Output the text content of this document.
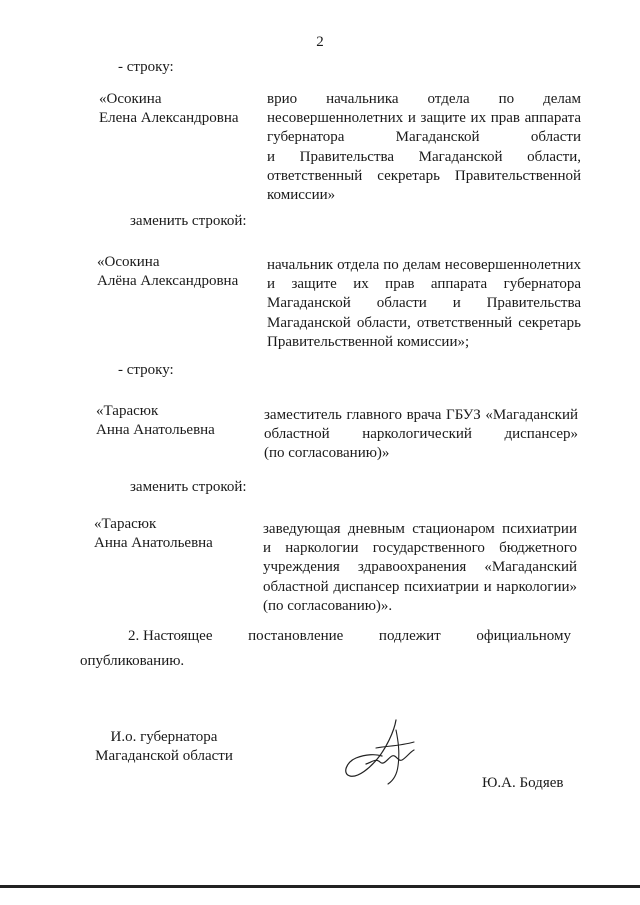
2
- строку:
«Осокина
Елена Александровна
врио начальника отдела по делам
несовершеннолетних и защите их прав аппарата
губернатора Магаданской области
и Правительства Магаданской области,
ответственный секретарь Правительственной
комиссии»
заменить строкой:
«Осокина
Алёна Александровна
начальник отдела по делам несовершеннолетних
и защите их прав аппарата губернатора
Магаданской области и Правительства
Магаданской области, ответственный секретарь
Правительственной комиссии»;
- строку:
«Тарасюк
Анна Анатольевна
заместитель главного врача ГБУЗ «Магаданский
областной наркологический диспансер»
(по согласованию)»
заменить строкой:
«Тарасюк
Анна Анатольевна
заведующая дневным стационаром психиатрии
и наркологии государственного бюджетного
учреждения здравоохранения «Магаданский
областной диспансер психиатрии и наркологии»
(по согласованию)».
2. Настоящее постановление подлежит официальному
опубликованию.
И.о. губернатора
Магаданской области
Ю.А. Бодяев
